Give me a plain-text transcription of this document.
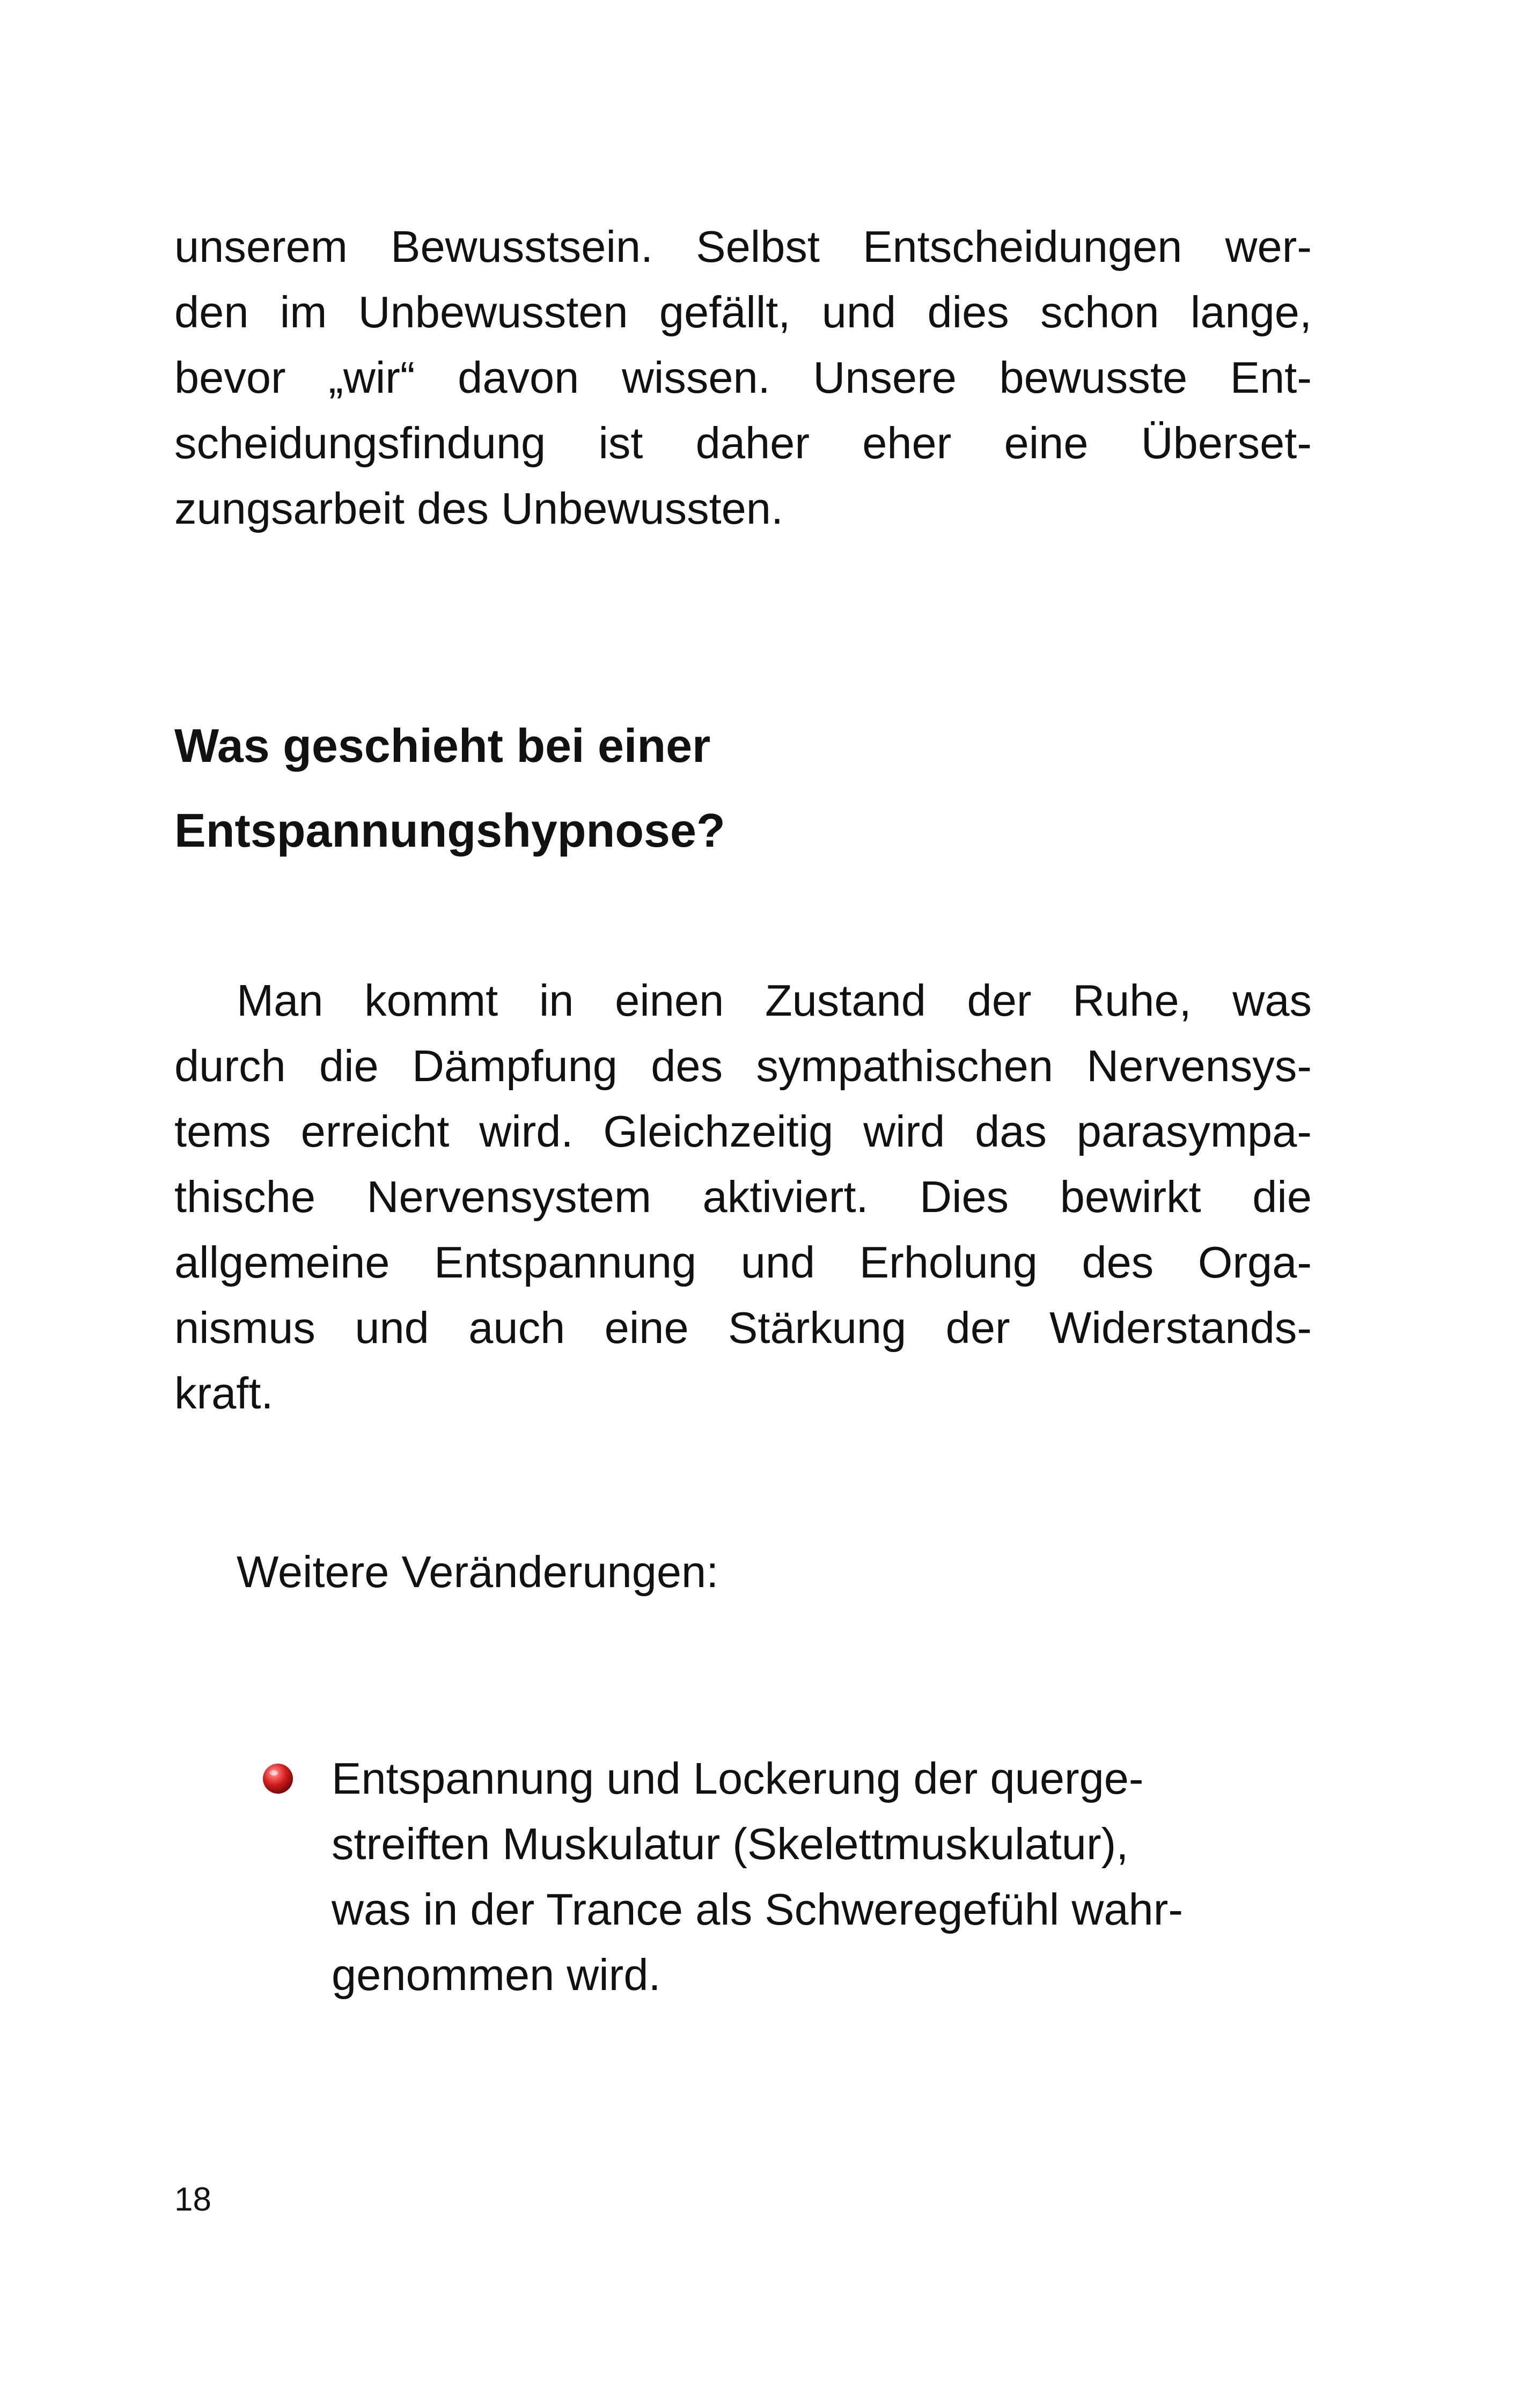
unserem Bewusstsein. Selbst Entscheidungen wer-
den im Unbewussten gefällt, und dies schon lange,
bevor „wir“ davon wissen. Unsere bewusste Ent-
scheidungsfindung ist daher eher eine Überset-
zungsarbeit des Unbewussten.
Was geschieht bei einer
Entspannungshypnose?
Man kommt in einen Zustand der Ruhe, was
durch die Dämpfung des sympathischen Nervensys-
tems erreicht wird. Gleichzeitig wird das parasympa-
thische Nervensystem aktiviert. Dies bewirkt die
allgemeine Entspannung und Erholung des Orga-
nismus und auch eine Stärkung der Widerstands-
kraft.
Weitere Veränderungen:
Entspannung und Lockerung der querge-
streiften Muskulatur (Skelettmuskulatur),
was in der Trance als Schweregefühl wahr-
genommen wird.
18
